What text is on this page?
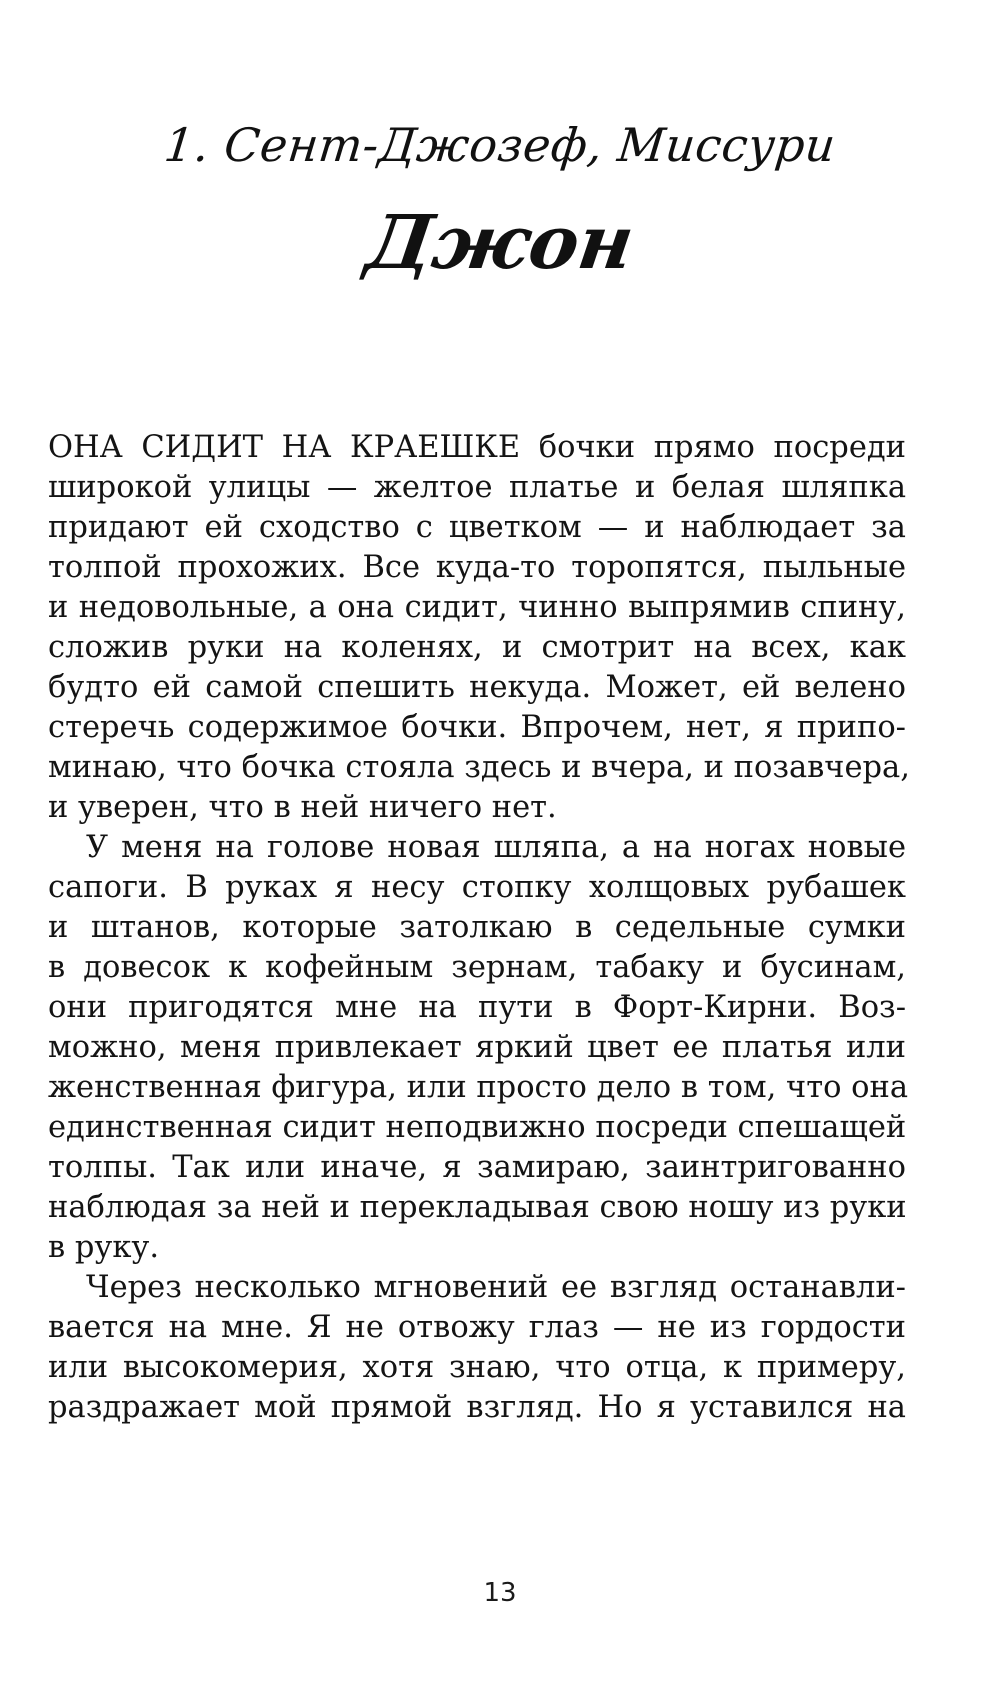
1. Сент-Джозеф, Миссури
Джон
ОНА СИДИТ НА КРАЕШКЕ бочки прямо посреди
широкой улицы — желтое платье и белая шляпка
придают ей сходство с цветком — и наблюдает за
толпой прохожих. Все куда-то торопятся, пыльные
и недовольные, а она сидит, чинно выпрямив спину,
сложив руки на коленях, и смотрит на всех, как
будто ей самой спешить некуда. Может, ей велено
стеречь содержимое бочки. Впрочем, нет, я припо-
минаю, что бочка стояла здесь и вчера, и позавчера,
и уверен, что в ней ничего нет.
У меня на голове новая шляпа, а на ногах новые
сапоги. В руках я несу стопку холщовых рубашек
и штанов, которые затолкаю в седельные сумки
в довесок к кофейным зернам, табаку и бусинам,
они пригодятся мне на пути в Форт-Кирни. Воз-
можно, меня привлекает яркий цвет ее платья или
женственная фигура, или просто дело в том, что она
единственная сидит неподвижно посреди спешащей
толпы. Так или иначе, я замираю, заинтригованно
наблюдая за ней и перекладывая свою ношу из руки
в руку.
Через несколько мгновений ее взгляд останавли-
вается на мне. Я не отвожу глаз — не из гордости
или высокомерия, хотя знаю, что отца, к примеру,
раздражает мой прямой взгляд. Но я уставился на
13
